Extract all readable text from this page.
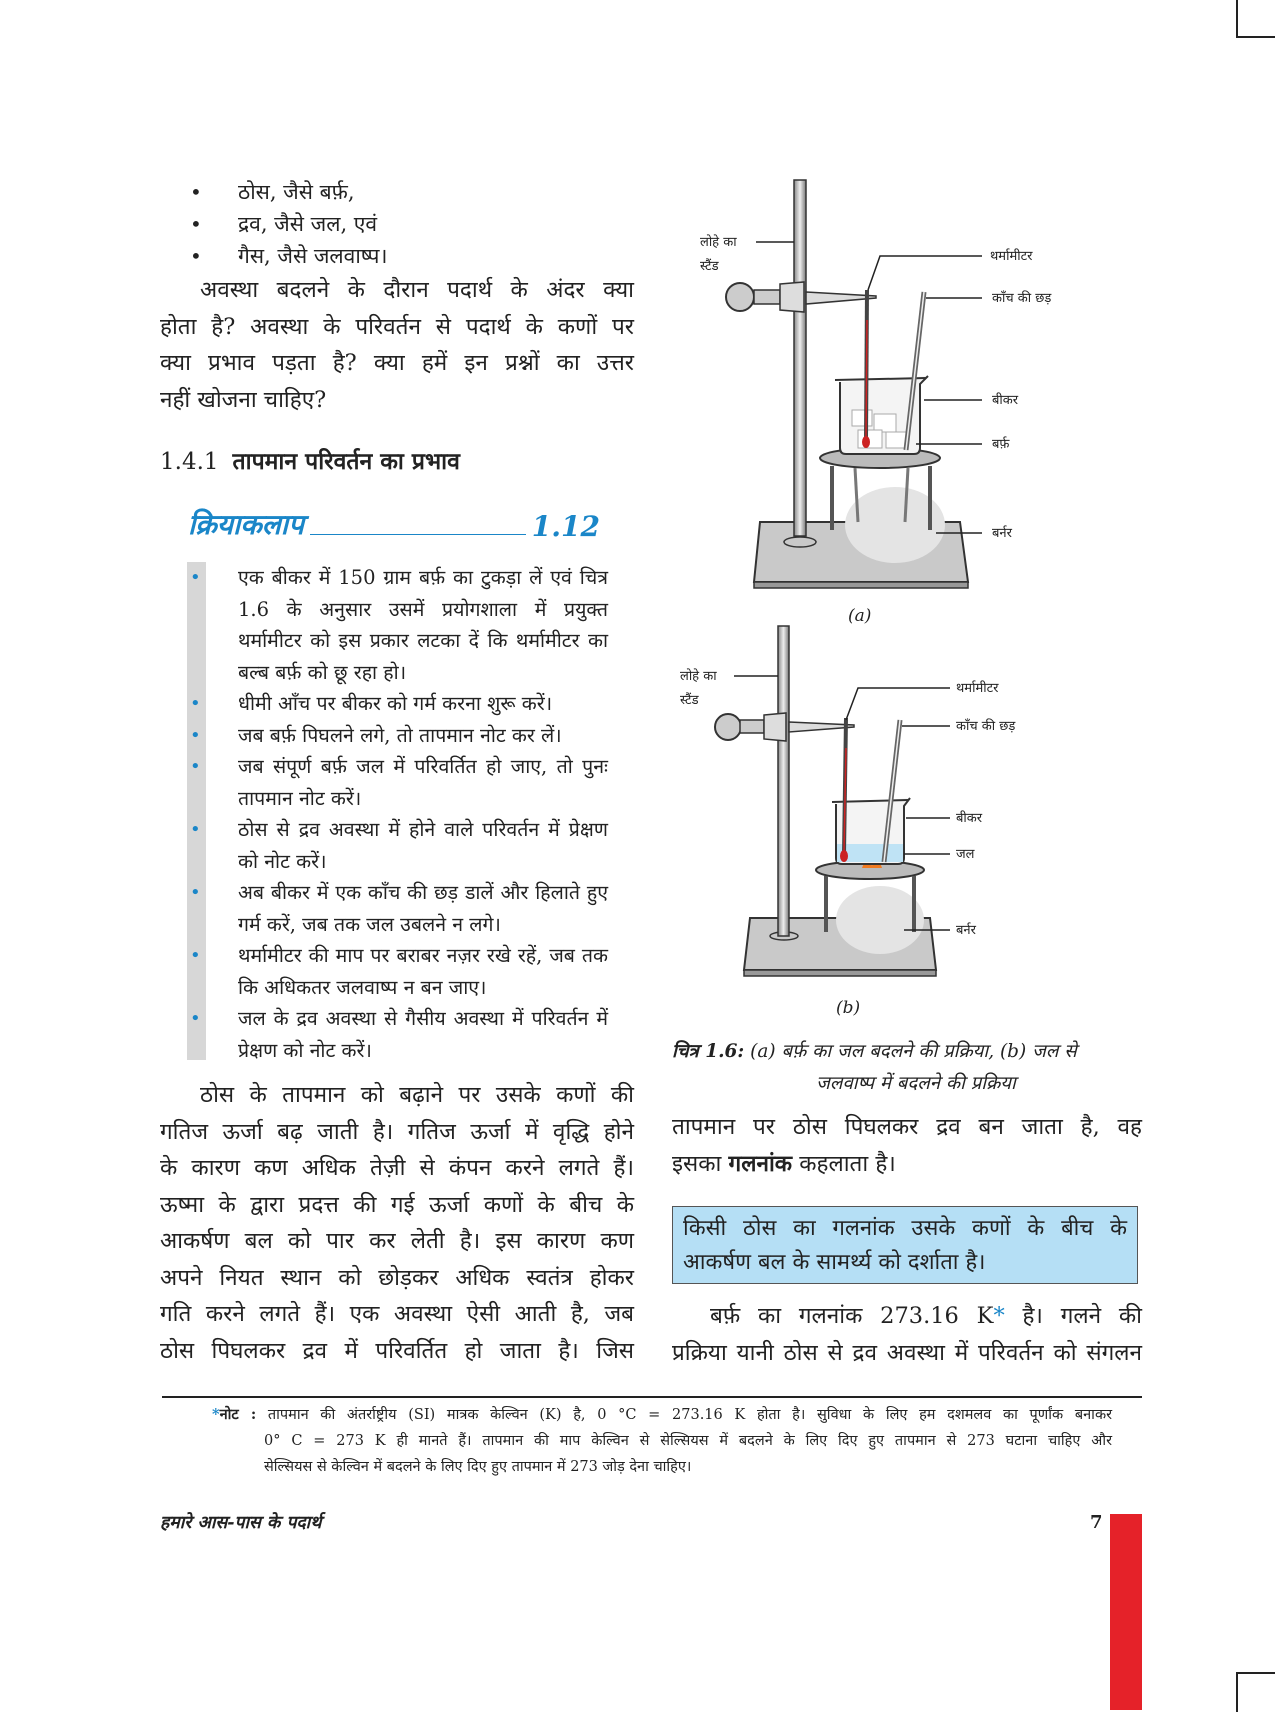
• ठोस, जैसे बर्फ़,
• द्रव, जैसे जल, एवं
• गैस, जैसे जलवाष्प।
अवस्था बदलने के दौरान पदार्थ के अंदर क्या
होता है? अवस्था के परिवर्तन से पदार्थ के कणों पर
क्या प्रभाव पड़ता है? क्या हमें इन प्रश्नों का उत्तर
नहीं खोजना चाहिए?
1.4.1 तापमान परिवर्तन का प्रभाव
क्रियाकलाप	1.12
• एक बीकर में 150 ग्राम बर्फ़ का टुकड़ा लें एवं चित्र 1.6 के अनुसार उसमें प्रयोगशाला में प्रयुक्त थर्मामीटर को इस प्रकार लटका दें कि थर्मामीटर का बल्ब बर्फ़ को छू रहा हो।
• धीमी आँच पर बीकर को गर्म करना शुरू करें।
• जब बर्फ़ पिघलने लगे, तो तापमान नोट कर लें।
• जब संपूर्ण बर्फ़ जल में परिवर्तित हो जाए, तो पुनः तापमान नोट करें।
• ठोस से द्रव अवस्था में होने वाले परिवर्तन में प्रेक्षण को नोट करें।
• अब बीकर में एक काँच की छड़ डालें और हिलाते हुए गर्म करें, जब तक जल उबलने न लगे।
• थर्मामीटर की माप पर बराबर नज़र रखे रहें, जब तक कि अधिकतर जलवाष्प न बन जाए।
• जल के द्रव अवस्था से गैसीय अवस्था में परिवर्तन में प्रेक्षण को नोट करें।
ठोस के तापमान को बढ़ाने पर उसके कणों की
गतिज ऊर्जा बढ़ जाती है। गतिज ऊर्जा में वृद्धि होने
के कारण कण अधिक तेज़ी से कंपन करने लगते हैं।
ऊष्मा के द्वारा प्रदत्त की गई ऊर्जा कणों के बीच के
आकर्षण बल को पार कर लेती है। इस कारण कण
अपने नियत स्थान को छोड़कर अधिक स्वतंत्र होकर
गति करने लगते हैं। एक अवस्था ऐसी आती है, जब
ठोस पिघलकर द्रव में परिवर्तित हो जाता है। जिस
लोहे का
स्टैंड
थर्मामीटर
काँच की छड़
बीकर
बर्फ़
बर्नर
(a)
लोहे का
स्टैंड
थर्मामीटर
काँच की छड़
बीकर
जल
बर्नर
(b)
चित्र 1.6: (a) बर्फ़ का जल बदलने की प्रक्रिया, (b) जल से
जलवाष्प में बदलने की प्रक्रिया
तापमान पर ठोस पिघलकर द्रव बन जाता है, वह
इसका गलनांक कहलाता है।
किसी ठोस का गलनांक उसके कणों के बीच के
आकर्षण बल के सामर्थ्य को दर्शाता है।
बर्फ़ का गलनांक 273.16 K* है। गलने की
प्रक्रिया यानी ठोस से द्रव अवस्था में परिवर्तन को संगलन
*नोट : तापमान की अंतर्राष्ट्रीय (SI) मात्रक केल्विन (K) है, 0 °C = 273.16 K होता है। सुविधा के लिए हम दशमलव का पूर्णांक बनाकर
0° C = 273 K ही मानते हैं। तापमान की माप केल्विन से सेल्सियस में बदलने के लिए दिए हुए तापमान से 273 घटाना चाहिए और
सेल्सियस से केल्विन में बदलने के लिए दिए हुए तापमान में 273 जोड़ देना चाहिए।
हमारे आस-पास के पदार्थ	7
